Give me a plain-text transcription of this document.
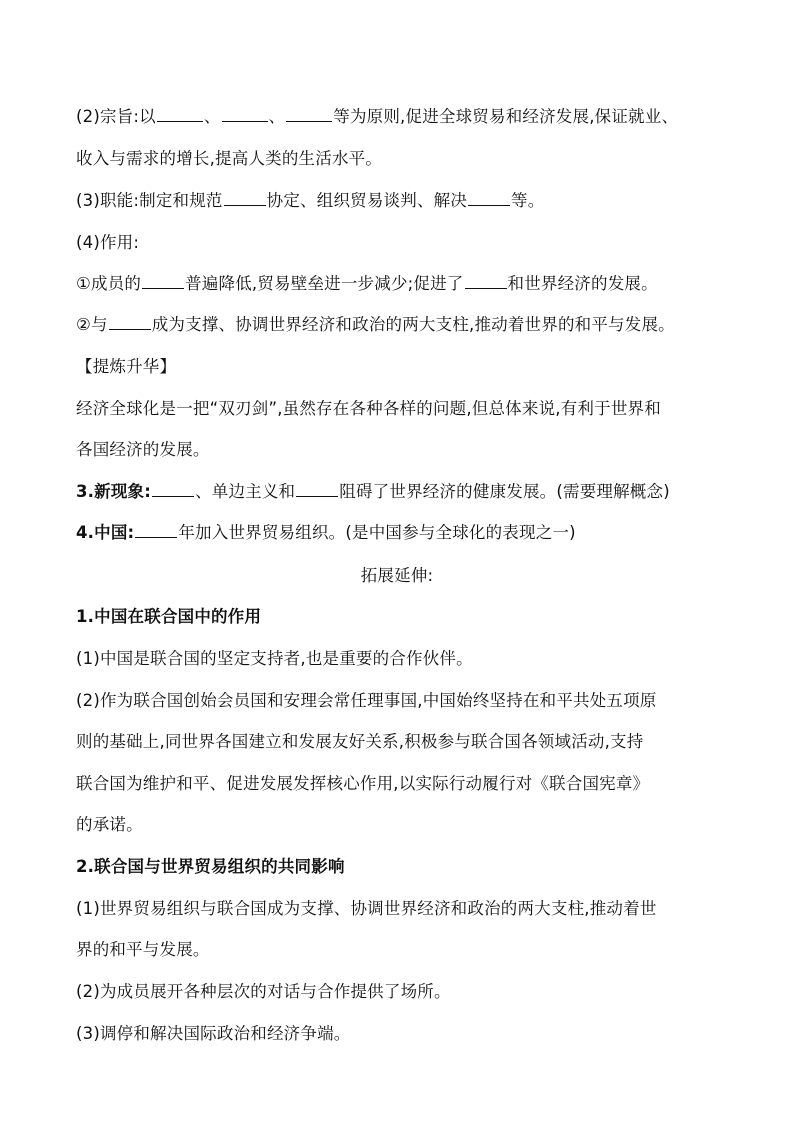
(2)宗旨:以	、	、	等为原则,促进全球贸易和经济发展,保证就业、
收入与需求的增长,提高人类的生活水平。
(3)职能:制定和规范	协定、组织贸易谈判、解决	等。
(4)作用:
①成员的	普遍降低,贸易壁垒进一步减少;促进了	和世界经济的发展。
②与	成为支撑、协调世界经济和政治的两大支柱,推动着世界的和平与发展。
【提炼升华】
经济全球化是一把“双刃剑”,虽然存在各种各样的问题,但总体来说,有利于世界和
各国经济的发展。
3.新现象:	、单边主义和	阻碍了世界经济的健康发展。(需要理解概念)
4.中国:	年加入世界贸易组织。(是中国参与全球化的表现之一)
拓展延伸:
1.中国在联合国中的作用
(1)中国是联合国的坚定支持者,也是重要的合作伙伴。
(2)作为联合国创始会员国和安理会常任理事国,中国始终坚持在和平共处五项原
则的基础上,同世界各国建立和发展友好关系,积极参与联合国各领域活动,支持
联合国为维护和平、促进发展发挥核心作用,以实际行动履行对《联合国宪章》
的承诺。
2.联合国与世界贸易组织的共同影响
(1)世界贸易组织与联合国成为支撑、协调世界经济和政治的两大支柱,推动着世
界的和平与发展。
(2)为成员展开各种层次的对话与合作提供了场所。
(3)调停和解决国际政治和经济争端。
